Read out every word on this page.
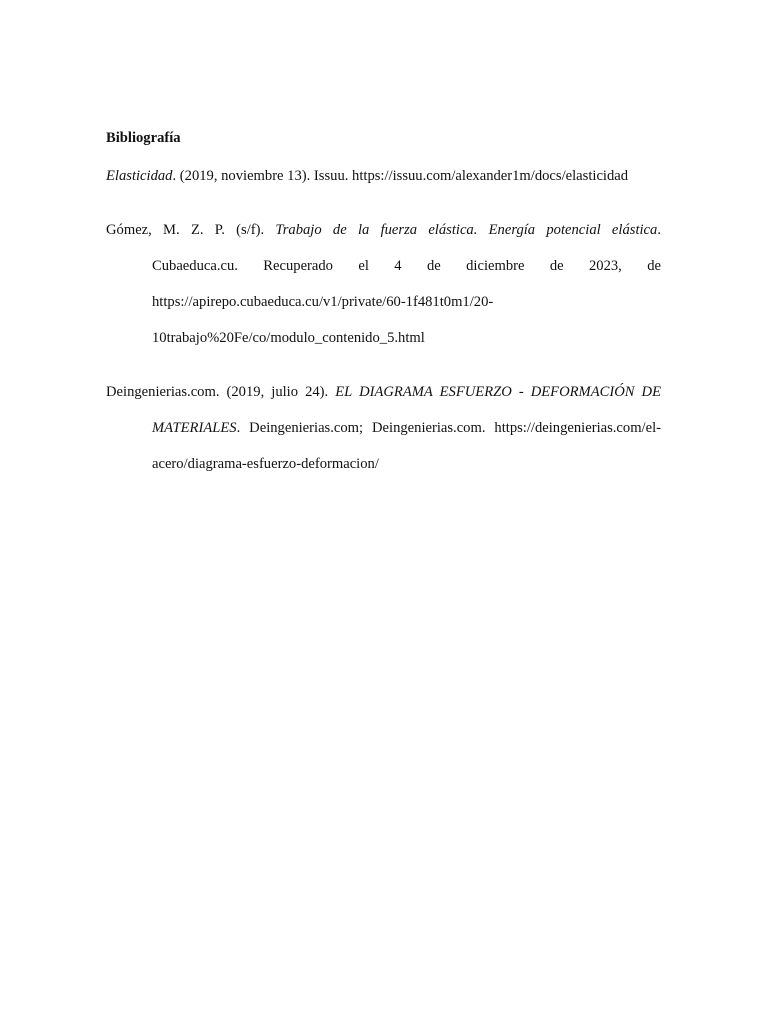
Bibliografía
Elasticidad. (2019, noviembre 13). Issuu. https://issuu.com/alexander1m/docs/elasticidad
Gómez, M. Z. P. (s/f). Trabajo de la fuerza elástica. Energía potencial elástica.
Cubaeduca.cu. Recuperado el 4 de diciembre de 2023, de
https://apirepo.cubaeduca.cu/v1/private/60-1f481t0m1/20-
10trabajo%20Fe/co/modulo_contenido_5.html
Deingenierias.com. (2019, julio 24). EL DIAGRAMA ESFUERZO - DEFORMACIÓN DE
MATERIALES. Deingenierias.com; Deingenierias.com. https://deingenierias.com/el-
acero/diagrama-esfuerzo-deformacion/
